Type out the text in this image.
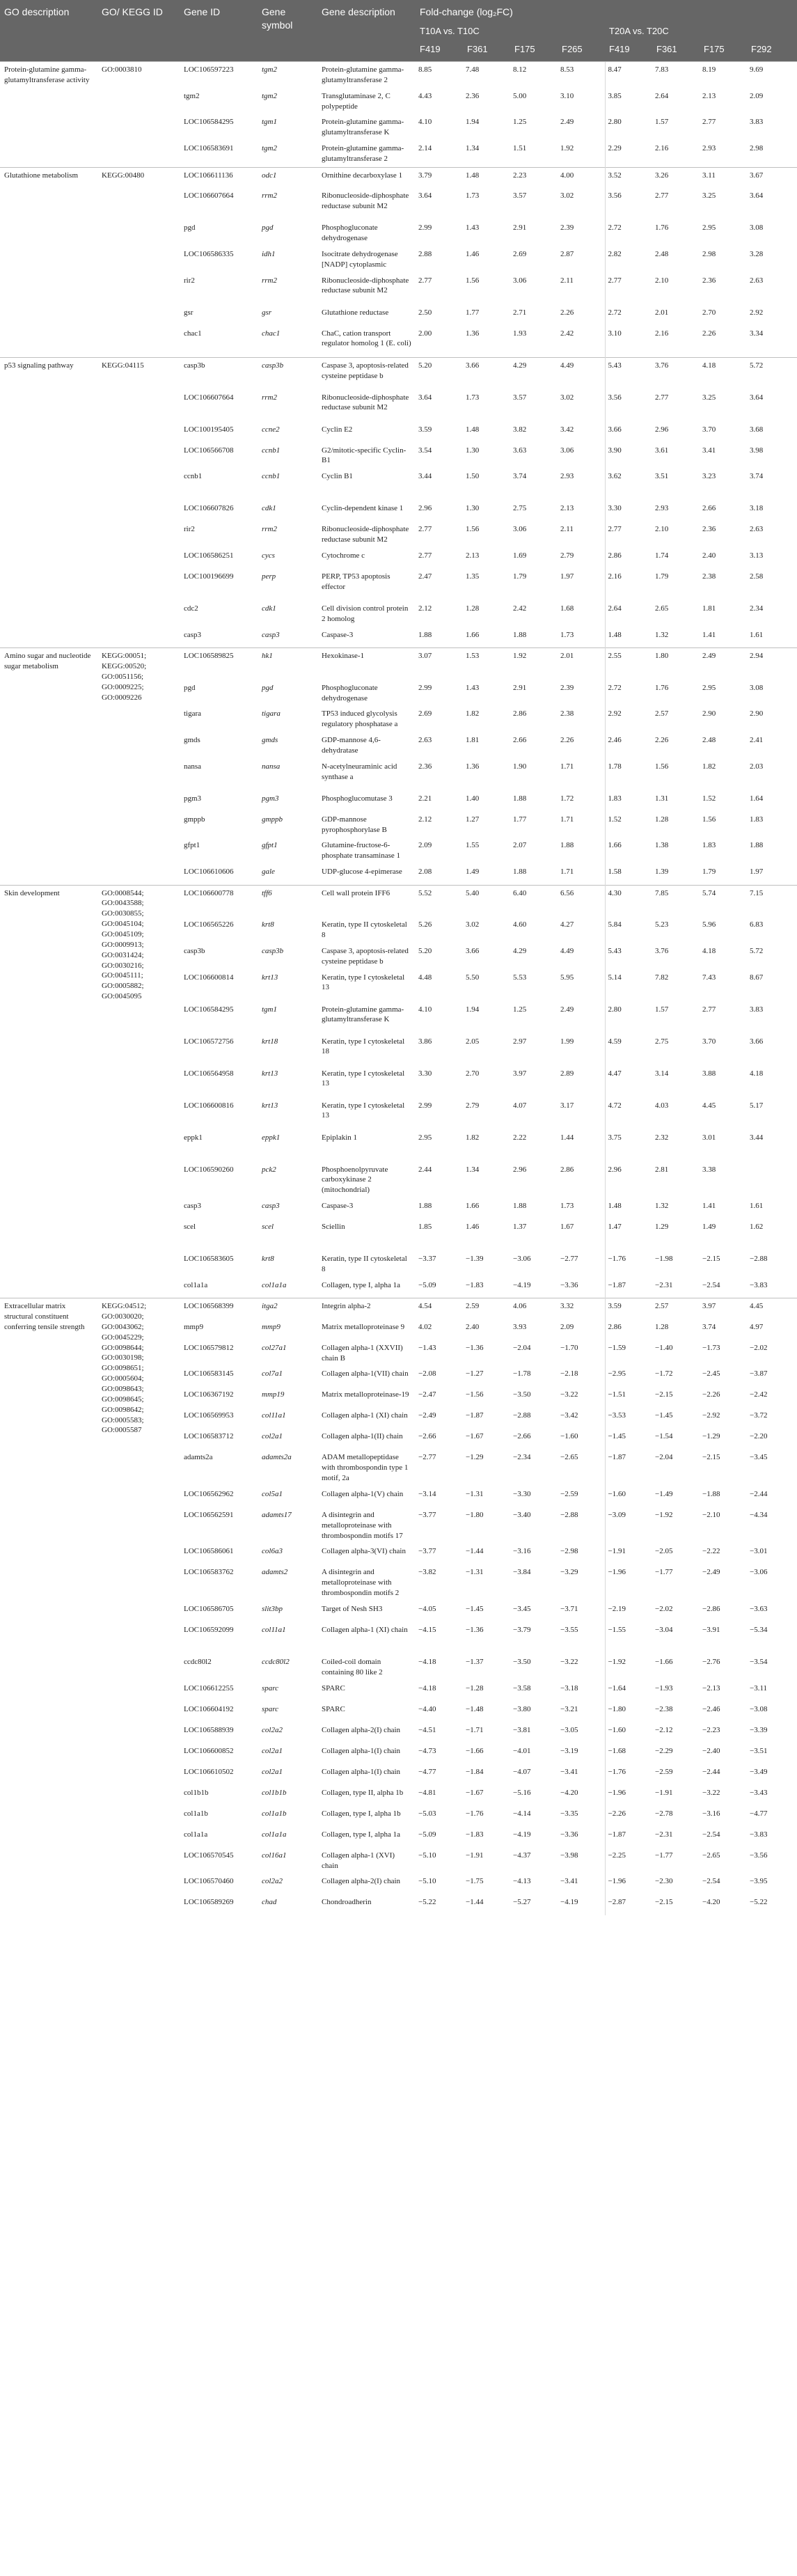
GO description	GO/ KEGG ID	Gene ID	Gene symbol	Gene description	Fold-change (log₂FC)							
					T10A vs. T10C				T20A vs. T20C			
					F419	F361	F175	F265	F419	F361	F175	F292
Protein-glutamine gamma-glutamyltransferase activity	GO:0003810	LOC106597223	tgm2	Protein-glutamine gamma-glutamyltransferase 2	8.85	7.48	8.12	8.53	8.47	7.83	8.19	9.69
		tgm2	tgm2	Transglutaminase 2, C polypeptide	4.43	2.36	5.00	3.10	3.85	2.64	2.13	2.09
		LOC106584295	tgm1	Protein-glutamine gamma-glutamyltransferase K	4.10	1.94	1.25	2.49	2.80	1.57	2.77	3.83
		LOC106583691	tgm2	Protein-glutamine gamma-glutamyltransferase 2	2.14	1.34	1.51	1.92	2.29	2.16	2.93	2.98
Glutathione metabolism	KEGG:00480	LOC106611136	odc1	Ornithine decarboxylase 1	3.79	1.48	2.23	4.00	3.52	3.26	3.11	3.67
		LOC106607664	rrm2	Ribonucleoside-diphosphate reductase subunit M2	3.64	1.73	3.57	3.02	3.56	2.77	3.25	3.64
		pgd	pgd	Phosphogluconate dehydrogenase	2.99	1.43	2.91	2.39	2.72	1.76	2.95	3.08
		LOC106586335	idh1	Isocitrate dehydrogenase [NADP] cytoplasmic	2.88	1.46	2.69	2.87	2.82	2.48	2.98	3.28
		rir2	rrm2	Ribonucleoside-diphosphate reductase subunit M2	2.77	1.56	3.06	2.11	2.77	2.10	2.36	2.63
		gsr	gsr	Glutathione reductase	2.50	1.77	2.71	2.26	2.72	2.01	2.70	2.92
		chac1	chac1	ChaC, cation transport regulator homolog 1 (E. coli)	2.00	1.36	1.93	2.42	3.10	2.16	2.26	3.34
p53 signaling pathway	KEGG:04115	casp3b	casp3b	Caspase 3, apoptosis-related cysteine peptidase b	5.20	3.66	4.29	4.49	5.43	3.76	4.18	5.72
		LOC106607664	rrm2	Ribonucleoside-diphosphate reductase subunit M2	3.64	1.73	3.57	3.02	3.56	2.77	3.25	3.64
		LOC100195405	ccne2	Cyclin E2	3.59	1.48	3.82	3.42	3.66	2.96	3.70	3.68
		LOC106566708	ccnb1	G2/mitotic-specific Cyclin-B1	3.54	1.30	3.63	3.06	3.90	3.61	3.41	3.98
		ccnb1	ccnb1	Cyclin B1	3.44	1.50	3.74	2.93	3.62	3.51	3.23	3.74
		LOC106607826	cdk1	Cyclin-dependent kinase 1	2.96	1.30	2.75	2.13	3.30	2.93	2.66	3.18
		rir2	rrm2	Ribonucleoside-diphosphate reductase subunit M2	2.77	1.56	3.06	2.11	2.77	2.10	2.36	2.63
		LOC106586251	cycs	Cytochrome c	2.77	2.13	1.69	2.79	2.86	1.74	2.40	3.13
		LOC100196699	perp	PERP, TP53 apoptosis effector	2.47	1.35	1.79	1.97	2.16	1.79	2.38	2.58
		cdc2	cdk1	Cell division control protein 2 homolog	2.12	1.28	2.42	1.68	2.64	2.65	1.81	2.34
		casp3	casp3	Caspase-3	1.88	1.66	1.88	1.73	1.48	1.32	1.41	1.61
Amino sugar and nucleotide sugar metabolism	KEGG:00051; KEGG:00520; GO:0051156; GO:0009225; GO:0009226	LOC106589825	hk1	Hexokinase-1	3.07	1.53	1.92	2.01	2.55	1.80	2.49	2.94
		pgd	pgd	Phosphogluconate dehydrogenase	2.99	1.43	2.91	2.39	2.72	1.76	2.95	3.08
		tigara	tigara	TP53 induced glycolysis regulatory phosphatase a	2.69	1.82	2.86	2.38	2.92	2.57	2.90	2.90
		gmds	gmds	GDP-mannose 4,6-dehydratase	2.63	1.81	2.66	2.26	2.46	2.26	2.48	2.41
		nansa	nansa	N-acetylneuraminic acid synthase a	2.36	1.36	1.90	1.71	1.78	1.56	1.82	2.03
		pgm3	pgm3	Phosphoglucomutase 3	2.21	1.40	1.88	1.72	1.83	1.31	1.52	1.64
		gmppb	gmppb	GDP-mannose pyrophosphorylase B	2.12	1.27	1.77	1.71	1.52	1.28	1.56	1.83
		gfpt1	gfpt1	Glutamine-fructose-6-phosphate transaminase 1	2.09	1.55	2.07	1.88	1.66	1.38	1.83	1.88
		LOC106610606	gale	UDP-glucose 4-epimerase	2.08	1.49	1.88	1.71	1.58	1.39	1.79	1.97
Skin development	GO:0008544; GO:0043588; GO:0030855; GO:0045104; GO:0045109; GO:0009913; GO:0031424; GO:0030216; GO:0045111; GO:0005882; GO:0045095	LOC106600778	tff6	Cell wall protein IFF6	5.52	5.40	6.40	6.56	4.30	7.85	5.74	7.15
		LOC106565226	krt8	Keratin, type II cytoskeletal 8	5.26	3.02	4.60	4.27	5.84	5.23	5.96	6.83
		casp3b	casp3b	Caspase 3, apoptosis-related cysteine peptidase b	5.20	3.66	4.29	4.49	5.43	3.76	4.18	5.72
		LOC106600814	krt13	Keratin, type I cytoskeletal 13	4.48	5.50	5.53	5.95	5.14	7.82	7.43	8.67
		LOC106584295	tgm1	Protein-glutamine gamma-glutamyltransferase K	4.10	1.94	1.25	2.49	2.80	1.57	2.77	3.83
		LOC106572756	krt18	Keratin, type I cytoskeletal 18	3.86	2.05	2.97	1.99	4.59	2.75	3.70	3.66
		LOC106564958	krt13	Keratin, type I cytoskeletal 13	3.30	2.70	3.97	2.89	4.47	3.14	3.88	4.18
		LOC106600816	krt13	Keratin, type I cytoskeletal 13	2.99	2.79	4.07	3.17	4.72	4.03	4.45	5.17
		eppk1	eppk1	Epiplakin 1	2.95	1.82	2.22	1.44	3.75	2.32	3.01	3.44
		LOC106590260	pck2	Phosphoenolpyruvate carboxykinase 2 (mitochondrial)	2.44	1.34	2.96	2.86	2.96	2.81	3.38	
		casp3	casp3	Caspase-3	1.88	1.66	1.88	1.73	1.48	1.32	1.41	1.61
		scel	scel	Sciellin	1.85	1.46	1.37	1.67	1.47	1.29	1.49	1.62
		LOC106583605	krt8	Keratin, type II cytoskeletal 8	−3.37	−1.39	−3.06	−2.77	−1.76	−1.98	−2.15	−2.88
		col1a1a	col1a1a	Collagen, type I, alpha 1a	−5.09	−1.83	−4.19	−3.36	−1.87	−2.31	−2.54	−3.83
Extracellular matrix structural constituent conferring tensile strength	KEGG:04512; GO:0030020; GO:0043062; GO:0045229; GO:0098644; GO:0030198; GO:0098651; GO:0005604; GO:0098643; GO:0098645; GO:0098642; GO:0005583; GO:0005587	LOC106568399	itga2	Integrin alpha-2	4.54	2.59	4.06	3.32	3.59	2.57	3.97	4.45
		mmp9	mmp9	Matrix metalloproteinase 9	4.02	2.40	3.93	2.09	2.86	1.28	3.74	4.97
		LOC106579812	col27a1	Collagen alpha-1 (XXVII) chain B	−1.43	−1.36	−2.04	−1.70	−1.59	−1.40	−1.73	−2.02
		LOC106583145	col7a1	Collagen alpha-1(VII) chain	−2.08	−1.27	−1.78	−2.18	−2.95	−1.72	−2.45	−3.87
		LOC106367192	mmp19	Matrix metalloproteinase-19	−2.47	−1.56	−3.50	−3.22	−1.51	−2.15	−2.26	−2.42
		LOC106569953	col11a1	Collagen alpha-1 (XI) chain	−2.49	−1.87	−2.88	−3.42	−3.53	−1.45	−2.92	−3.72
		LOC106583712	col2a1	Collagen alpha-1(II) chain	−2.66	−1.67	−2.66	−1.60	−1.45	−1.54	−1.29	−2.20
		adamts2a	adamts2a	ADAM metallopeptidase with thrombospondin type 1 motif, 2a	−2.77	−1.29	−2.34	−2.65	−1.87	−2.04	−2.15	−3.45
		LOC106562962	col5a1	Collagen alpha-1(V) chain	−3.14	−1.31	−3.30	−2.59	−1.60	−1.49	−1.88	−2.44
		LOC106562591	adamts17	A disintegrin and metalloproteinase with thrombospondin motifs 17	−3.77	−1.80	−3.40	−2.88	−3.09	−1.92	−2.10	−4.34
		LOC106586061	col6a3	Collagen alpha-3(VI) chain	−3.77	−1.44	−3.16	−2.98	−1.91	−2.05	−2.22	−3.01
		LOC106583762	adamts2	A disintegrin and metalloproteinase with thrombospondin motifs 2	−3.82	−1.31	−3.84	−3.29	−1.96	−1.77	−2.49	−3.06
		LOC106586705	slit3bp	Target of Nesh SH3	−4.05	−1.45	−3.45	−3.71	−2.19	−2.02	−2.86	−3.63
		LOC106592099	col11a1	Collagen alpha-1 (XI) chain	−4.15	−1.36	−3.79	−3.55	−1.55	−3.04	−3.91	−5.34
		ccdc80l2	ccdc80l2	Coiled-coil domain containing 80 like 2	−4.18	−1.37	−3.50	−3.22	−1.92	−1.66	−2.76	−3.54
		LOC106612255	sparc	SPARC	−4.18	−1.28	−3.58	−3.18	−1.64	−1.93	−2.13	−3.11
		LOC106604192	sparc	SPARC	−4.40	−1.48	−3.80	−3.21	−1.80	−2.38	−2.46	−3.08
		LOC106588939	col2a2	Collagen alpha-2(I) chain	−4.51	−1.71	−3.81	−3.05	−1.60	−2.12	−2.23	−3.39
		LOC106600852	col2a1	Collagen alpha-1(I) chain	−4.73	−1.66	−4.01	−3.19	−1.68	−2.29	−2.40	−3.51
		LOC106610502	col2a1	Collagen alpha-1(I) chain	−4.77	−1.84	−4.07	−3.41	−1.76	−2.59	−2.44	−3.49
		col1b1b	col1b1b	Collagen, type II, alpha 1b	−4.81	−1.67	−5.16	−4.20	−1.96	−1.91	−3.22	−3.43
		col1a1b	col1a1b	Collagen, type I, alpha 1b	−5.03	−1.76	−4.14	−3.35	−2.26	−2.78	−3.16	−4.77
		col1a1a	col1a1a	Collagen, type I, alpha 1a	−5.09	−1.83	−4.19	−3.36	−1.87	−2.31	−2.54	−3.83
		LOC106570545	col16a1	Collagen alpha-1 (XVI) chain	−5.10	−1.91	−4.37	−3.98	−2.25	−1.77	−2.65	−3.56
		LOC106570460	col2a2	Collagen alpha-2(I) chain	−5.10	−1.75	−4.13	−3.41	−1.96	−2.30	−2.54	−3.95
		LOC106589269	chad	Chondroadherin	−5.22	−1.44	−5.27	−4.19	−2.87	−2.15	−4.20	−5.22
